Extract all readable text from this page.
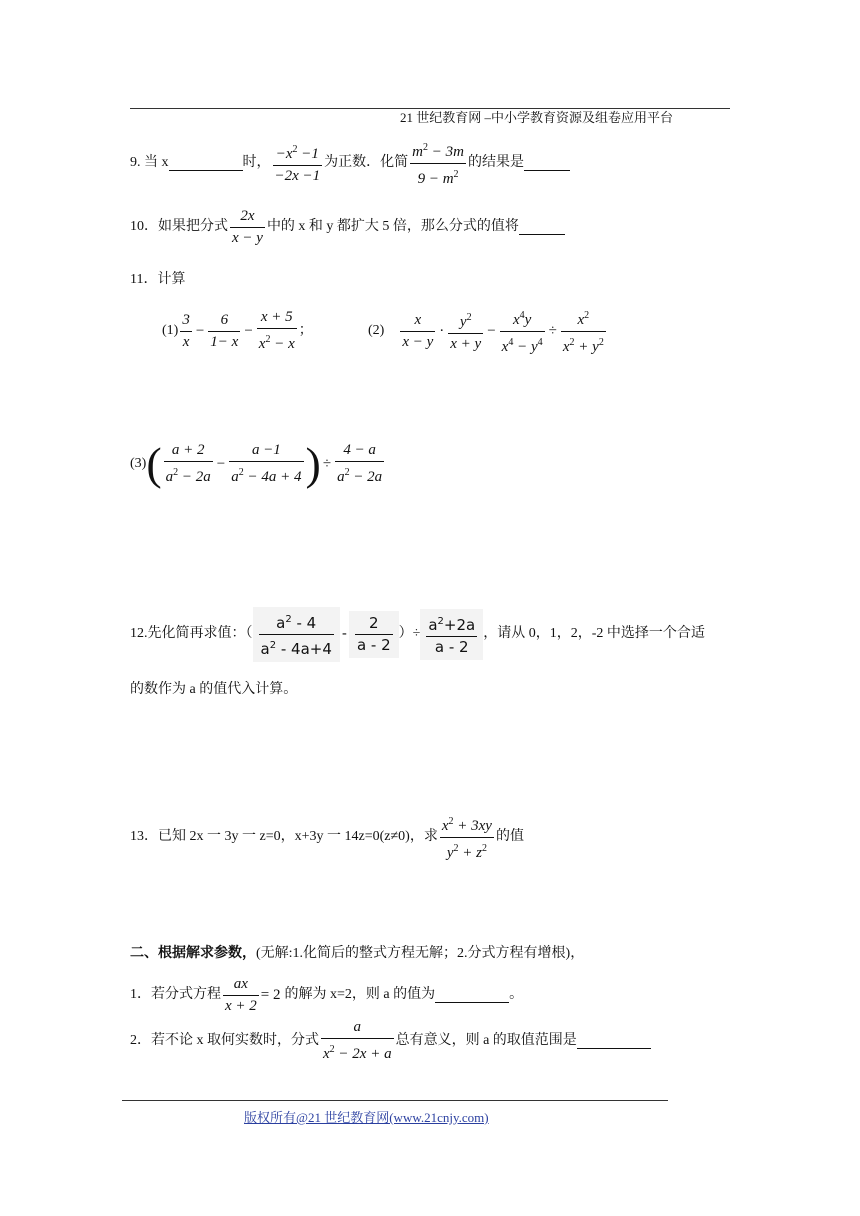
21 世纪教育网 –中小学教育资源及组卷应用平台
9. 当 x	时， $\frac{-x^2 -1}{-2x -1}$ 为正数．化简 $\frac{m^2 - 3m}{9 - m^2}$ 的结果是
10．如果把分式 $\frac{2x}{x - y}$ 中的 x 和 y 都扩大 5 倍，那么分式的值将
11．计算
$(1) \frac{3}{x} - \frac{6}{1- x} - \frac{x + 5}{x^2 - x}$ ；	$(2) \frac{x}{x - y} \cdot \frac{y^2}{x + y} - \frac{x^4y}{x^4 - y^4} \div \frac{x^2}{x^2 + y^2}$
(3) ( $\frac{a + 2}{a^2 - 2a} - \frac{a -1}{a^2 - 4a + 4}$ ) ÷ $\frac{4 - a}{a^2 - 2a}$
12.先化简再求值：（ $\frac{a^2 - 4}{a^2 - 4a+4} - \frac{2}{a - 2}$ ）÷ $\frac{a^2+2a}{a - 2}$ ，请从 0，1，2，-2 中选择一个合适
的数作为 a 的值代入计算。
13．已知 2x 一 3y 一 z=0，x+3y 一 14z=0(z≠0)，求 $\frac{x^2 + 3xy}{y^2 + z^2}$ 的值
二、根据解求参数，(无解:1.化简后的整式方程无解；2.分式方程有增根)，
1．若分式方程 $\frac{ax}{x + 2} = 2$ 的解为 x=2，则 a 的值为	。
2．若不论 x 取何实数时，分式 $\frac{a}{x^2 - 2x + a}$ 总有意义，则 a 的取值范围是
版权所有@21 世纪教育网(www.21cnjy.com)
